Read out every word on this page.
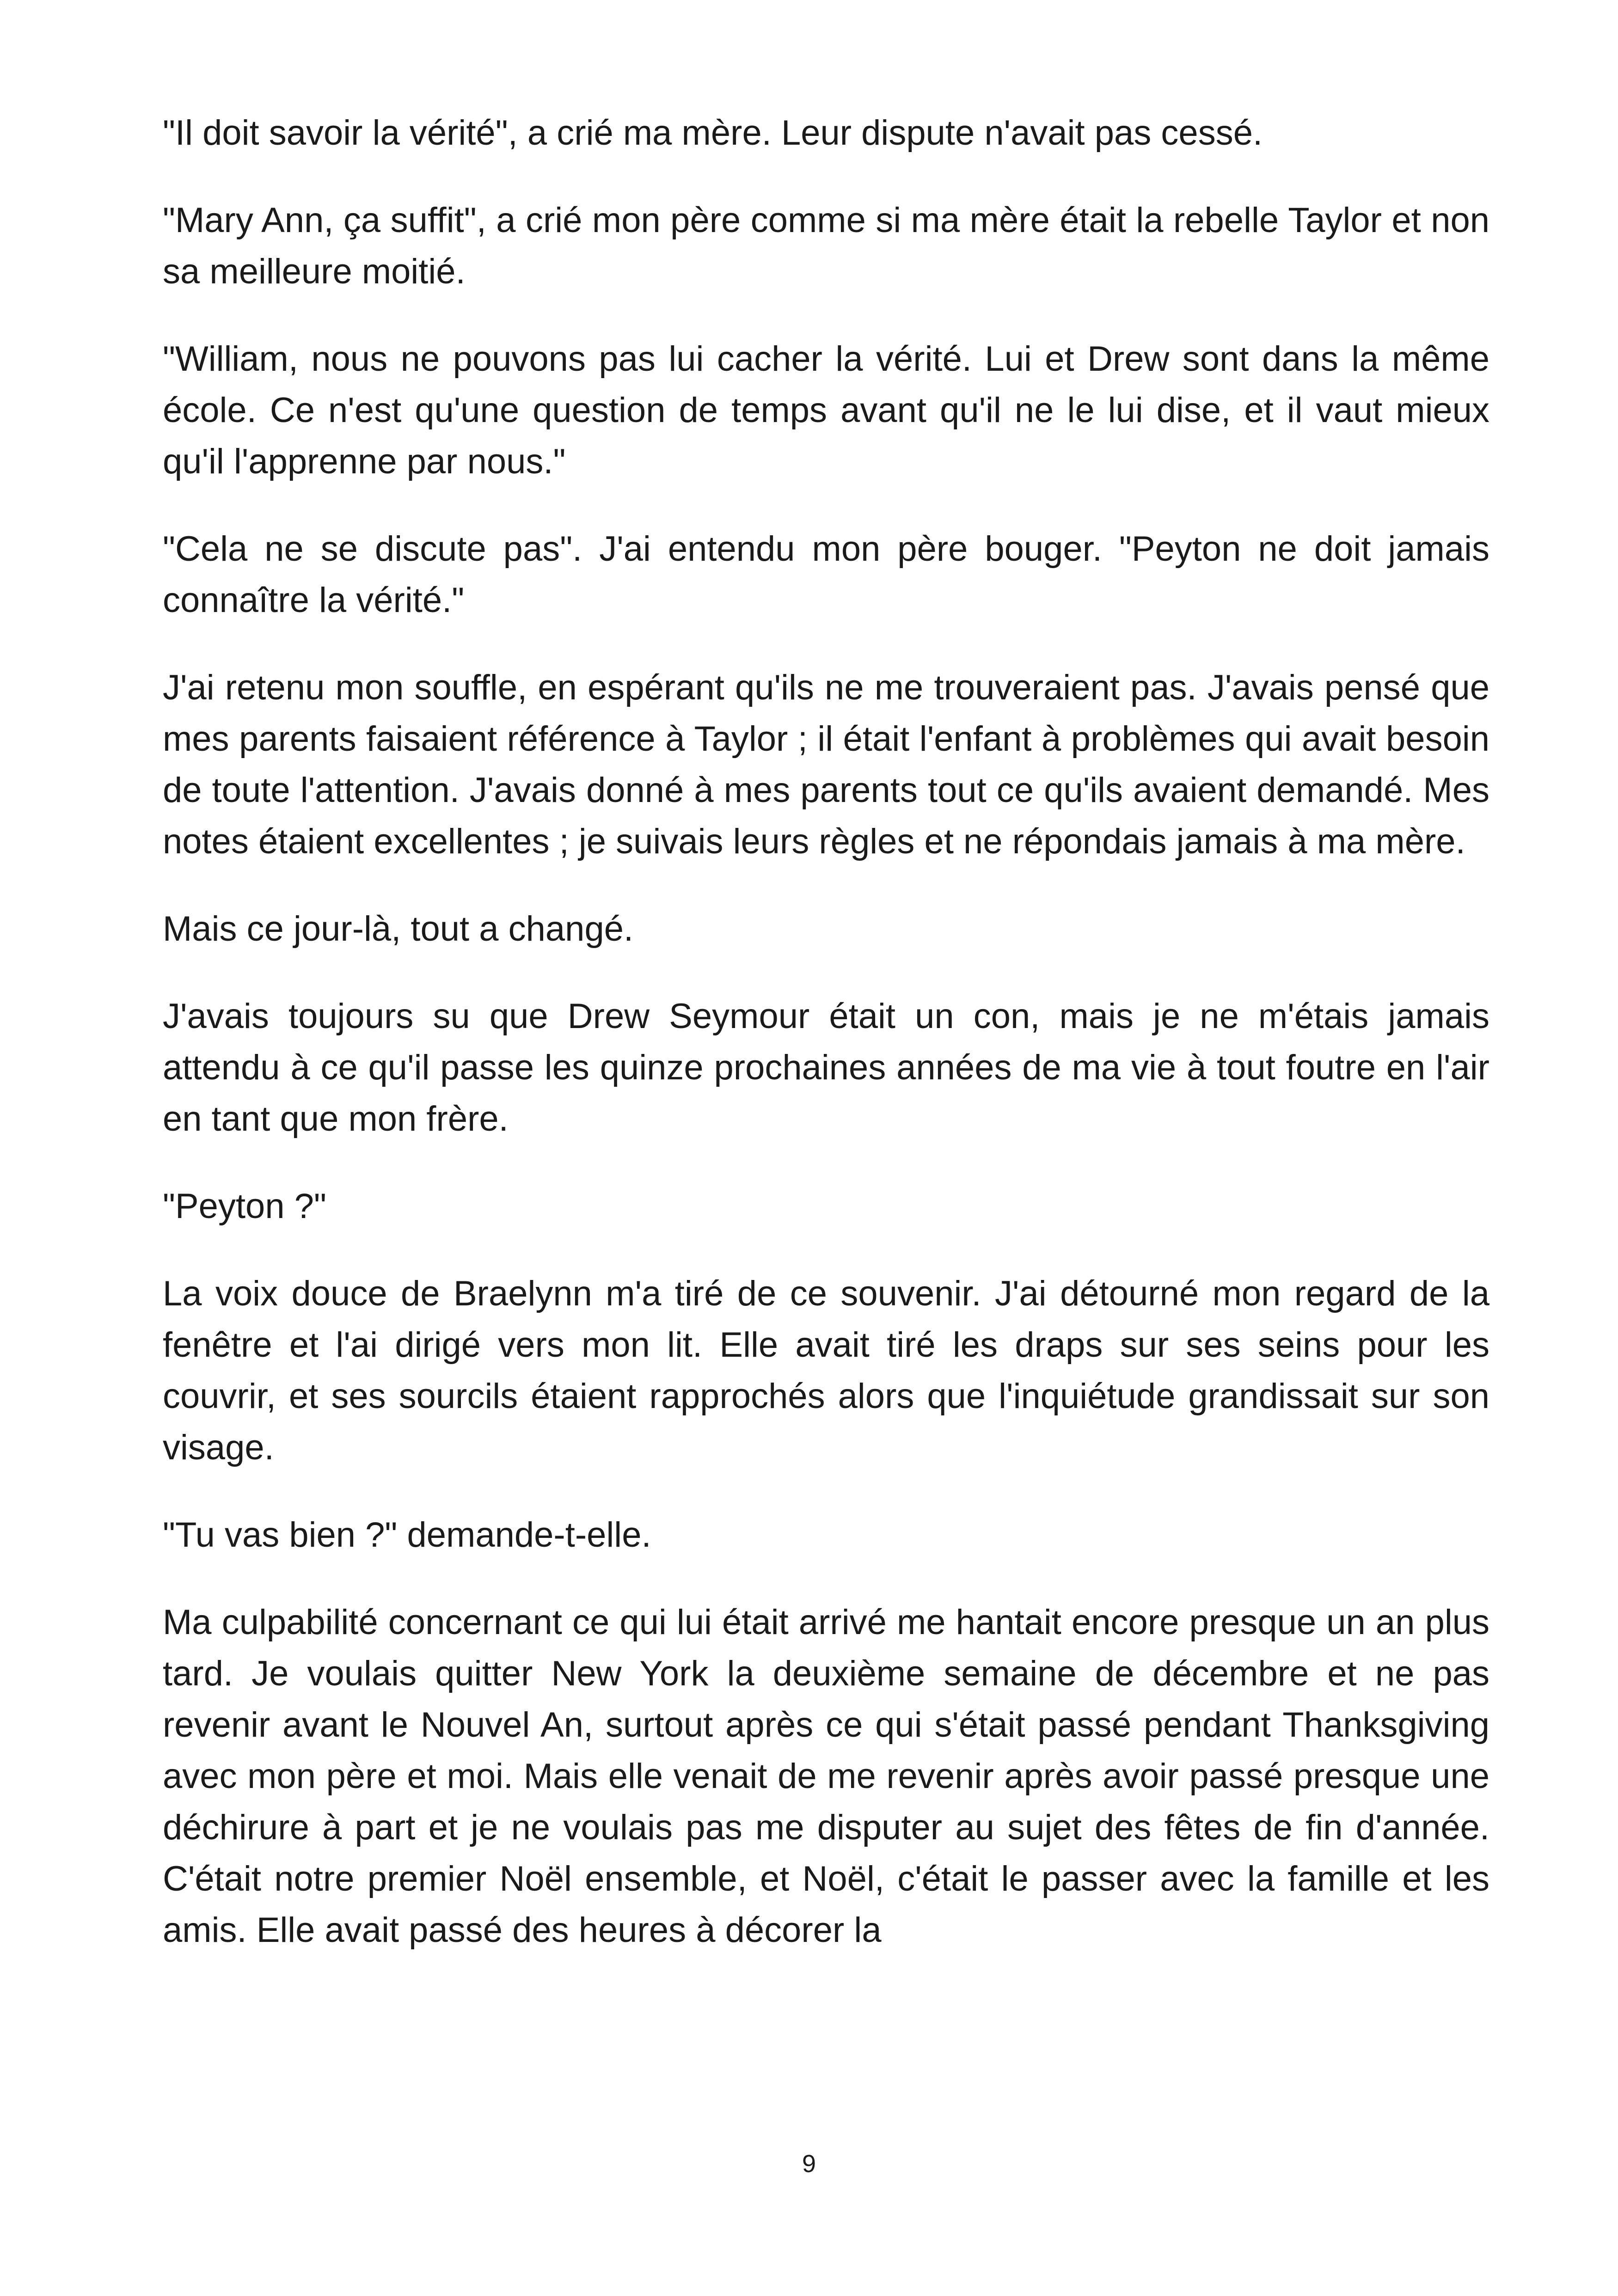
"Il doit savoir la vérité", a crié ma mère. Leur dispute n'avait pas cessé.

"Mary Ann, ça suffit", a crié mon père comme si ma mère était la rebelle Taylor et non sa meilleure moitié.

"William, nous ne pouvons pas lui cacher la vérité. Lui et Drew sont dans la même école. Ce n'est qu'une question de temps avant qu'il ne le lui dise, et il vaut mieux qu'il l'apprenne par nous."

"Cela ne se discute pas". J'ai entendu mon père bouger. "Peyton ne doit jamais connaître la vérité."

J'ai retenu mon souffle, en espérant qu'ils ne me trouveraient pas. J'avais pensé que mes parents faisaient référence à Taylor ; il était l'enfant à problèmes qui avait besoin de toute l'attention. J'avais donné à mes parents tout ce qu'ils avaient demandé. Mes notes étaient excellentes ; je suivais leurs règles et ne répondais jamais à ma mère.

Mais ce jour-là, tout a changé.

J'avais toujours su que Drew Seymour était un con, mais je ne m'étais jamais attendu à ce qu'il passe les quinze prochaines années de ma vie à tout foutre en l'air en tant que mon frère.

"Peyton ?"

La voix douce de Braelynn m'a tiré de ce souvenir. J'ai détourné mon regard de la fenêtre et l'ai dirigé vers mon lit. Elle avait tiré les draps sur ses seins pour les couvrir, et ses sourcils étaient rapprochés alors que l'inquiétude grandissait sur son visage.

"Tu vas bien ?" demande-t-elle.

Ma culpabilité concernant ce qui lui était arrivé me hantait encore presque un an plus tard. Je voulais quitter New York la deuxième semaine de décembre et ne pas revenir avant le Nouvel An, surtout après ce qui s'était passé pendant Thanksgiving avec mon père et moi. Mais elle venait de me revenir après avoir passé presque une déchirure à part et je ne voulais pas me disputer au sujet des fêtes de fin d'année. C'était notre premier Noël ensemble, et Noël, c'était le passer avec la famille et les amis. Elle avait passé des heures à décorer la

9
